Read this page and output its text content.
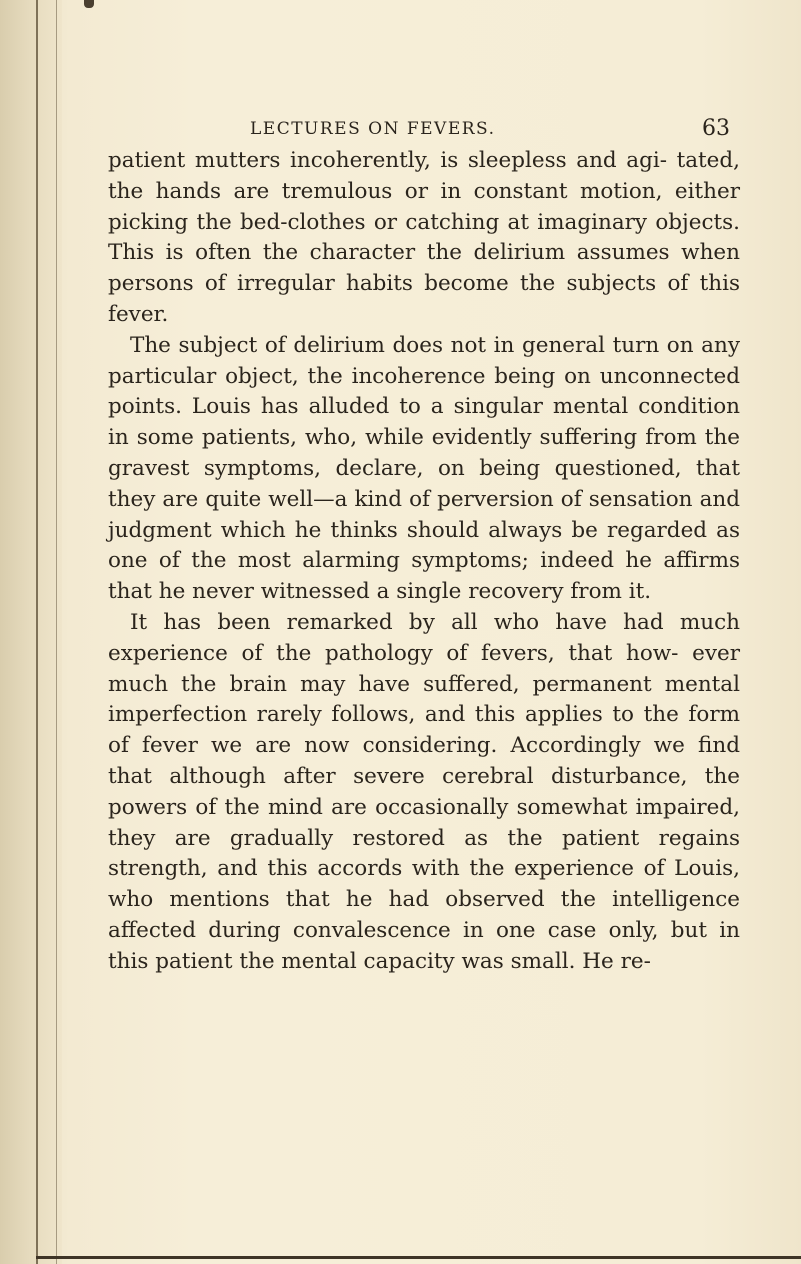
LECTURES ON FEVERS.	63

patient mutters incoherently, is sleepless and agi- tated, the hands are tremulous or in constant motion, either picking the bed-clothes or catching at imaginary objects. This is often the character the delirium assumes when persons of irregular habits become the subjects of this fever.

The subject of delirium does not in general turn on any particular object, the incoherence being on unconnected points. Louis has alluded to a singular mental condition in some patients, who, while evidently suffering from the gravest symptoms, declare, on being questioned, that they are quite well—a kind of perversion of sensation and judgment which he thinks should always be regarded as one of the most alarming symptoms; indeed he affirms that he never witnessed a single recovery from it.

It has been remarked by all who have had much experience of the pathology of fevers, that how- ever much the brain may have suffered, permanent mental imperfection rarely follows, and this applies to the form of fever we are now considering. Accordingly we find that although after severe cerebral disturbance, the powers of the mind are occasionally somewhat impaired, they are gradually restored as the patient regains strength, and this accords with the experience of Louis, who mentions that he had observed the intelligence affected during convalescence in one case only, but in this patient the mental capacity was small. He re-
